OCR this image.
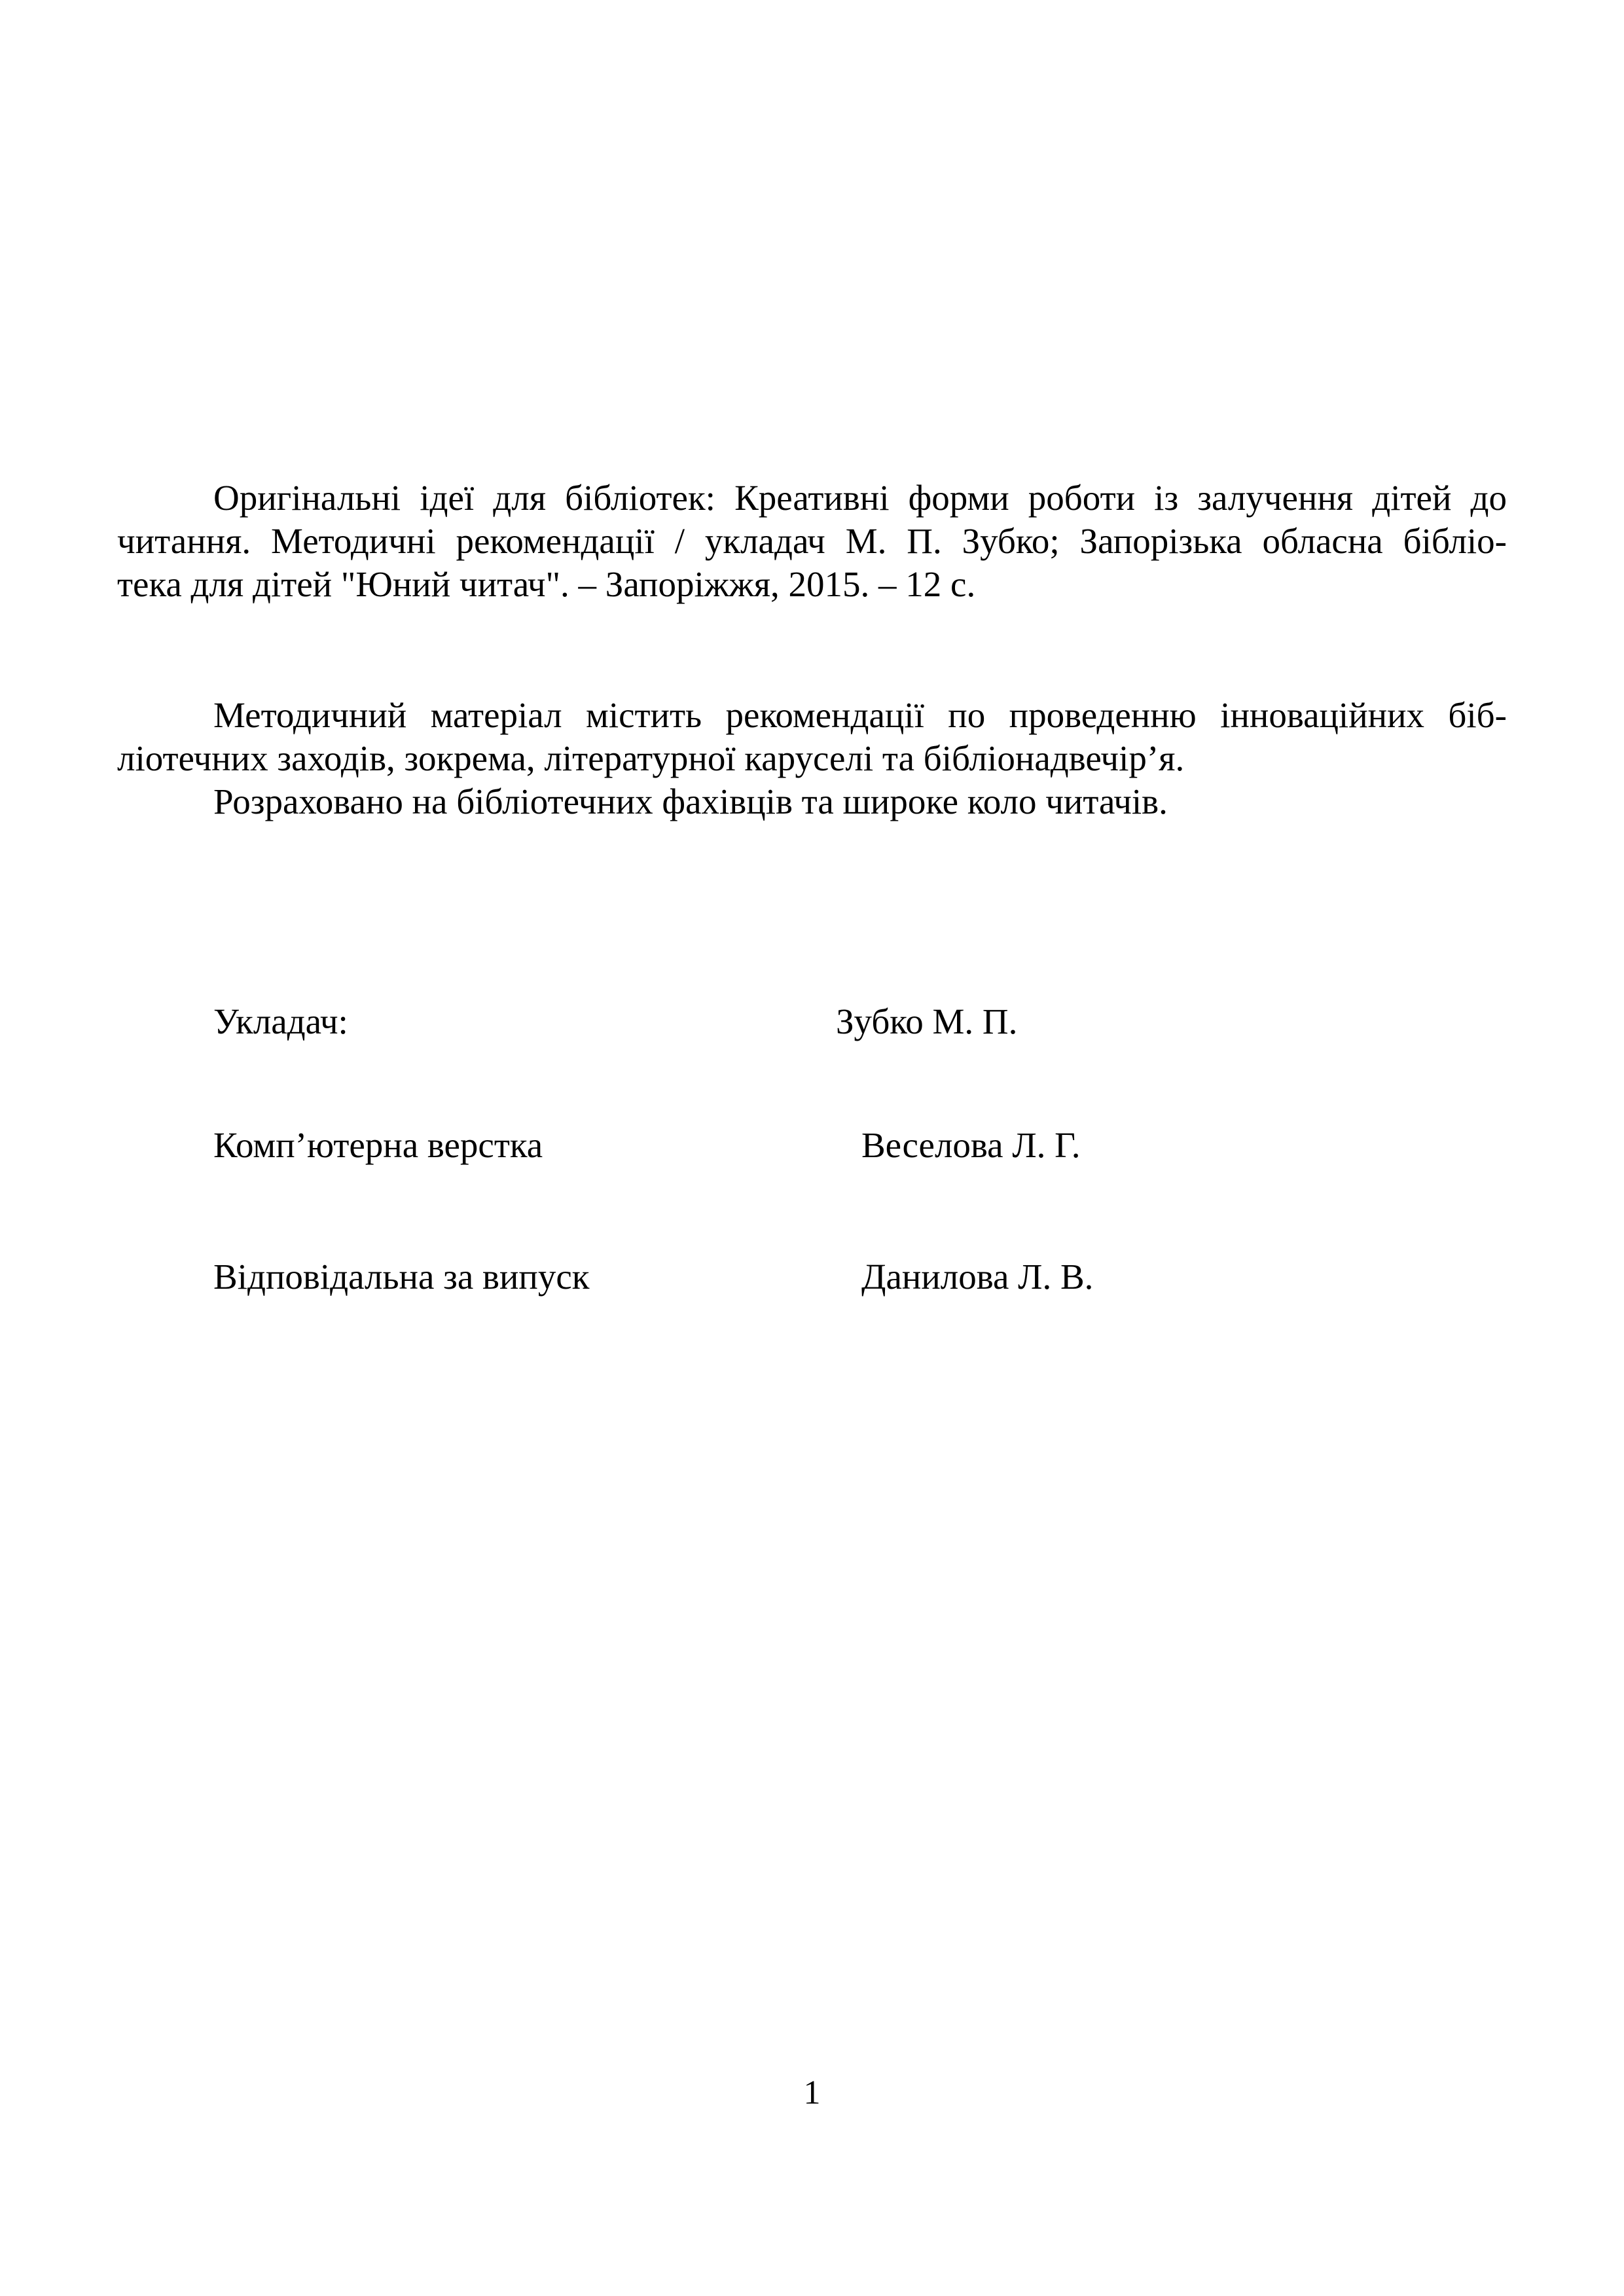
Оригінальні ідеї для бібліотек: Креативні форми роботи із залучення дітей до
читання. Методичні рекомендації / укладач М. П. Зубко; Запорізька обласна біблio-
тека для дітей "Юний читач". – Запоріжжя, 2015. – 12 с.
Методичний матеріал містить рекомендації по проведенню інноваційних біб-
ліотечних заходів, зокрема, літературної каруселі та бібліонадвечір’я.
Розраховано на бібліотечних фахівців та широке коло читачів.

Укладач:	Зубко М. П.

Комп’ютерна верстка	Веселова Л. Г.

Відповідальна за випуск	Данилова Л. В.

1
